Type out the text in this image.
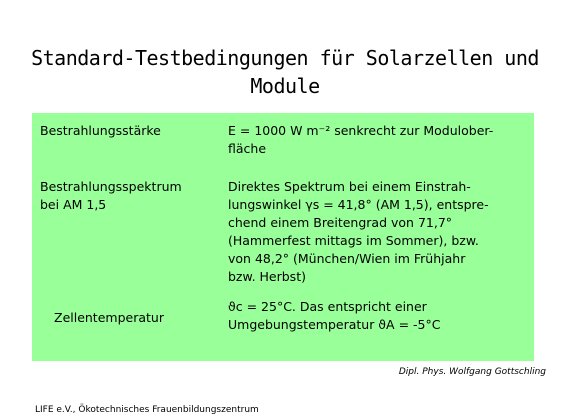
Standard-Testbedingungen für Solarzellen und
Module
Bestrahlungsstärke	E = 1000 W m⁻² senkrecht zur Modulober-
fläche
Bestrahlungsspektrum
bei AM 1,5
Direktes Spektrum bei einem Einstrah-
lungswinkel γs = 41,8° (AM 1,5), entspre-
chend einem Breitengrad von 71,7°
(Hammerfest mittags im Sommer), bzw.
von 48,2° (München/Wien im Frühjahr
bzw. Herbst)
Zellentemperatur
ϑc = 25°C. Das entspricht einer
Umgebungstemperatur ϑA = -5°C
Dipl. Phys. Wolfgang Gottschling
LIFE e.V., Ökotechnisches Frauenbildungszentrum
